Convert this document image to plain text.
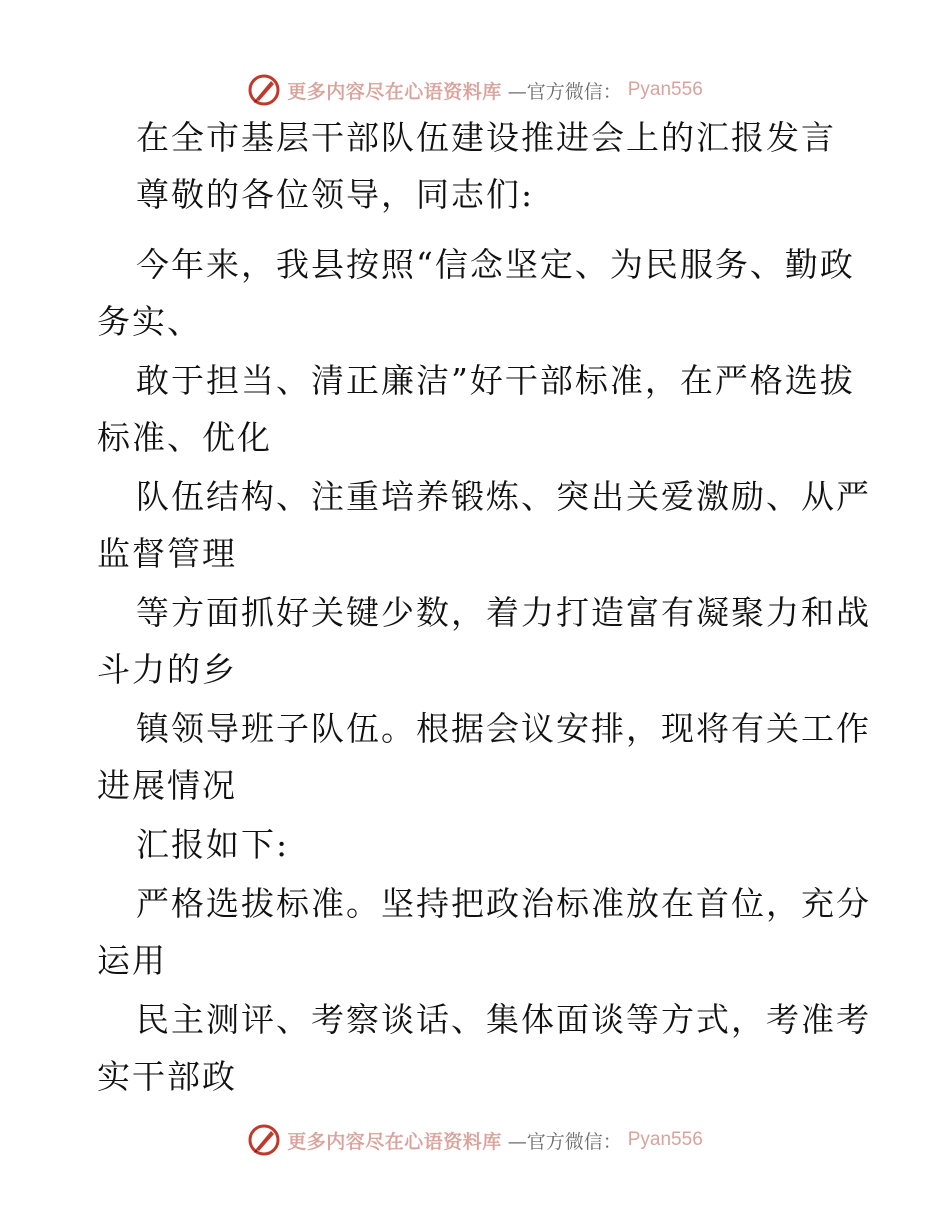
更多内容尽在心语资料库 —官方微信： Pyan556
在全市基层干部队伍建设推进会上的汇报发言
尊敬的各位领导，同志们:
今年来，我县按照“信念坚定、为民服务、勤政
务实、
敢于担当、清正廉洁”好干部标准，在严格选拔
标准、优化
队伍结构、注重培养锻炼、突出关爱激励、从严
监督管理
等方面抓好关键少数，着力打造富有凝聚力和战
斗力的乡
镇领导班子队伍。根据会议安排，现将有关工作
进展情况
汇报如下:
严格选拔标准。坚持把政治标准放在首位，充分
运用
民主测评、考察谈话、集体面谈等方式，考准考
实干部政
更多内容尽在心语资料库 —官方微信： Pyan556
